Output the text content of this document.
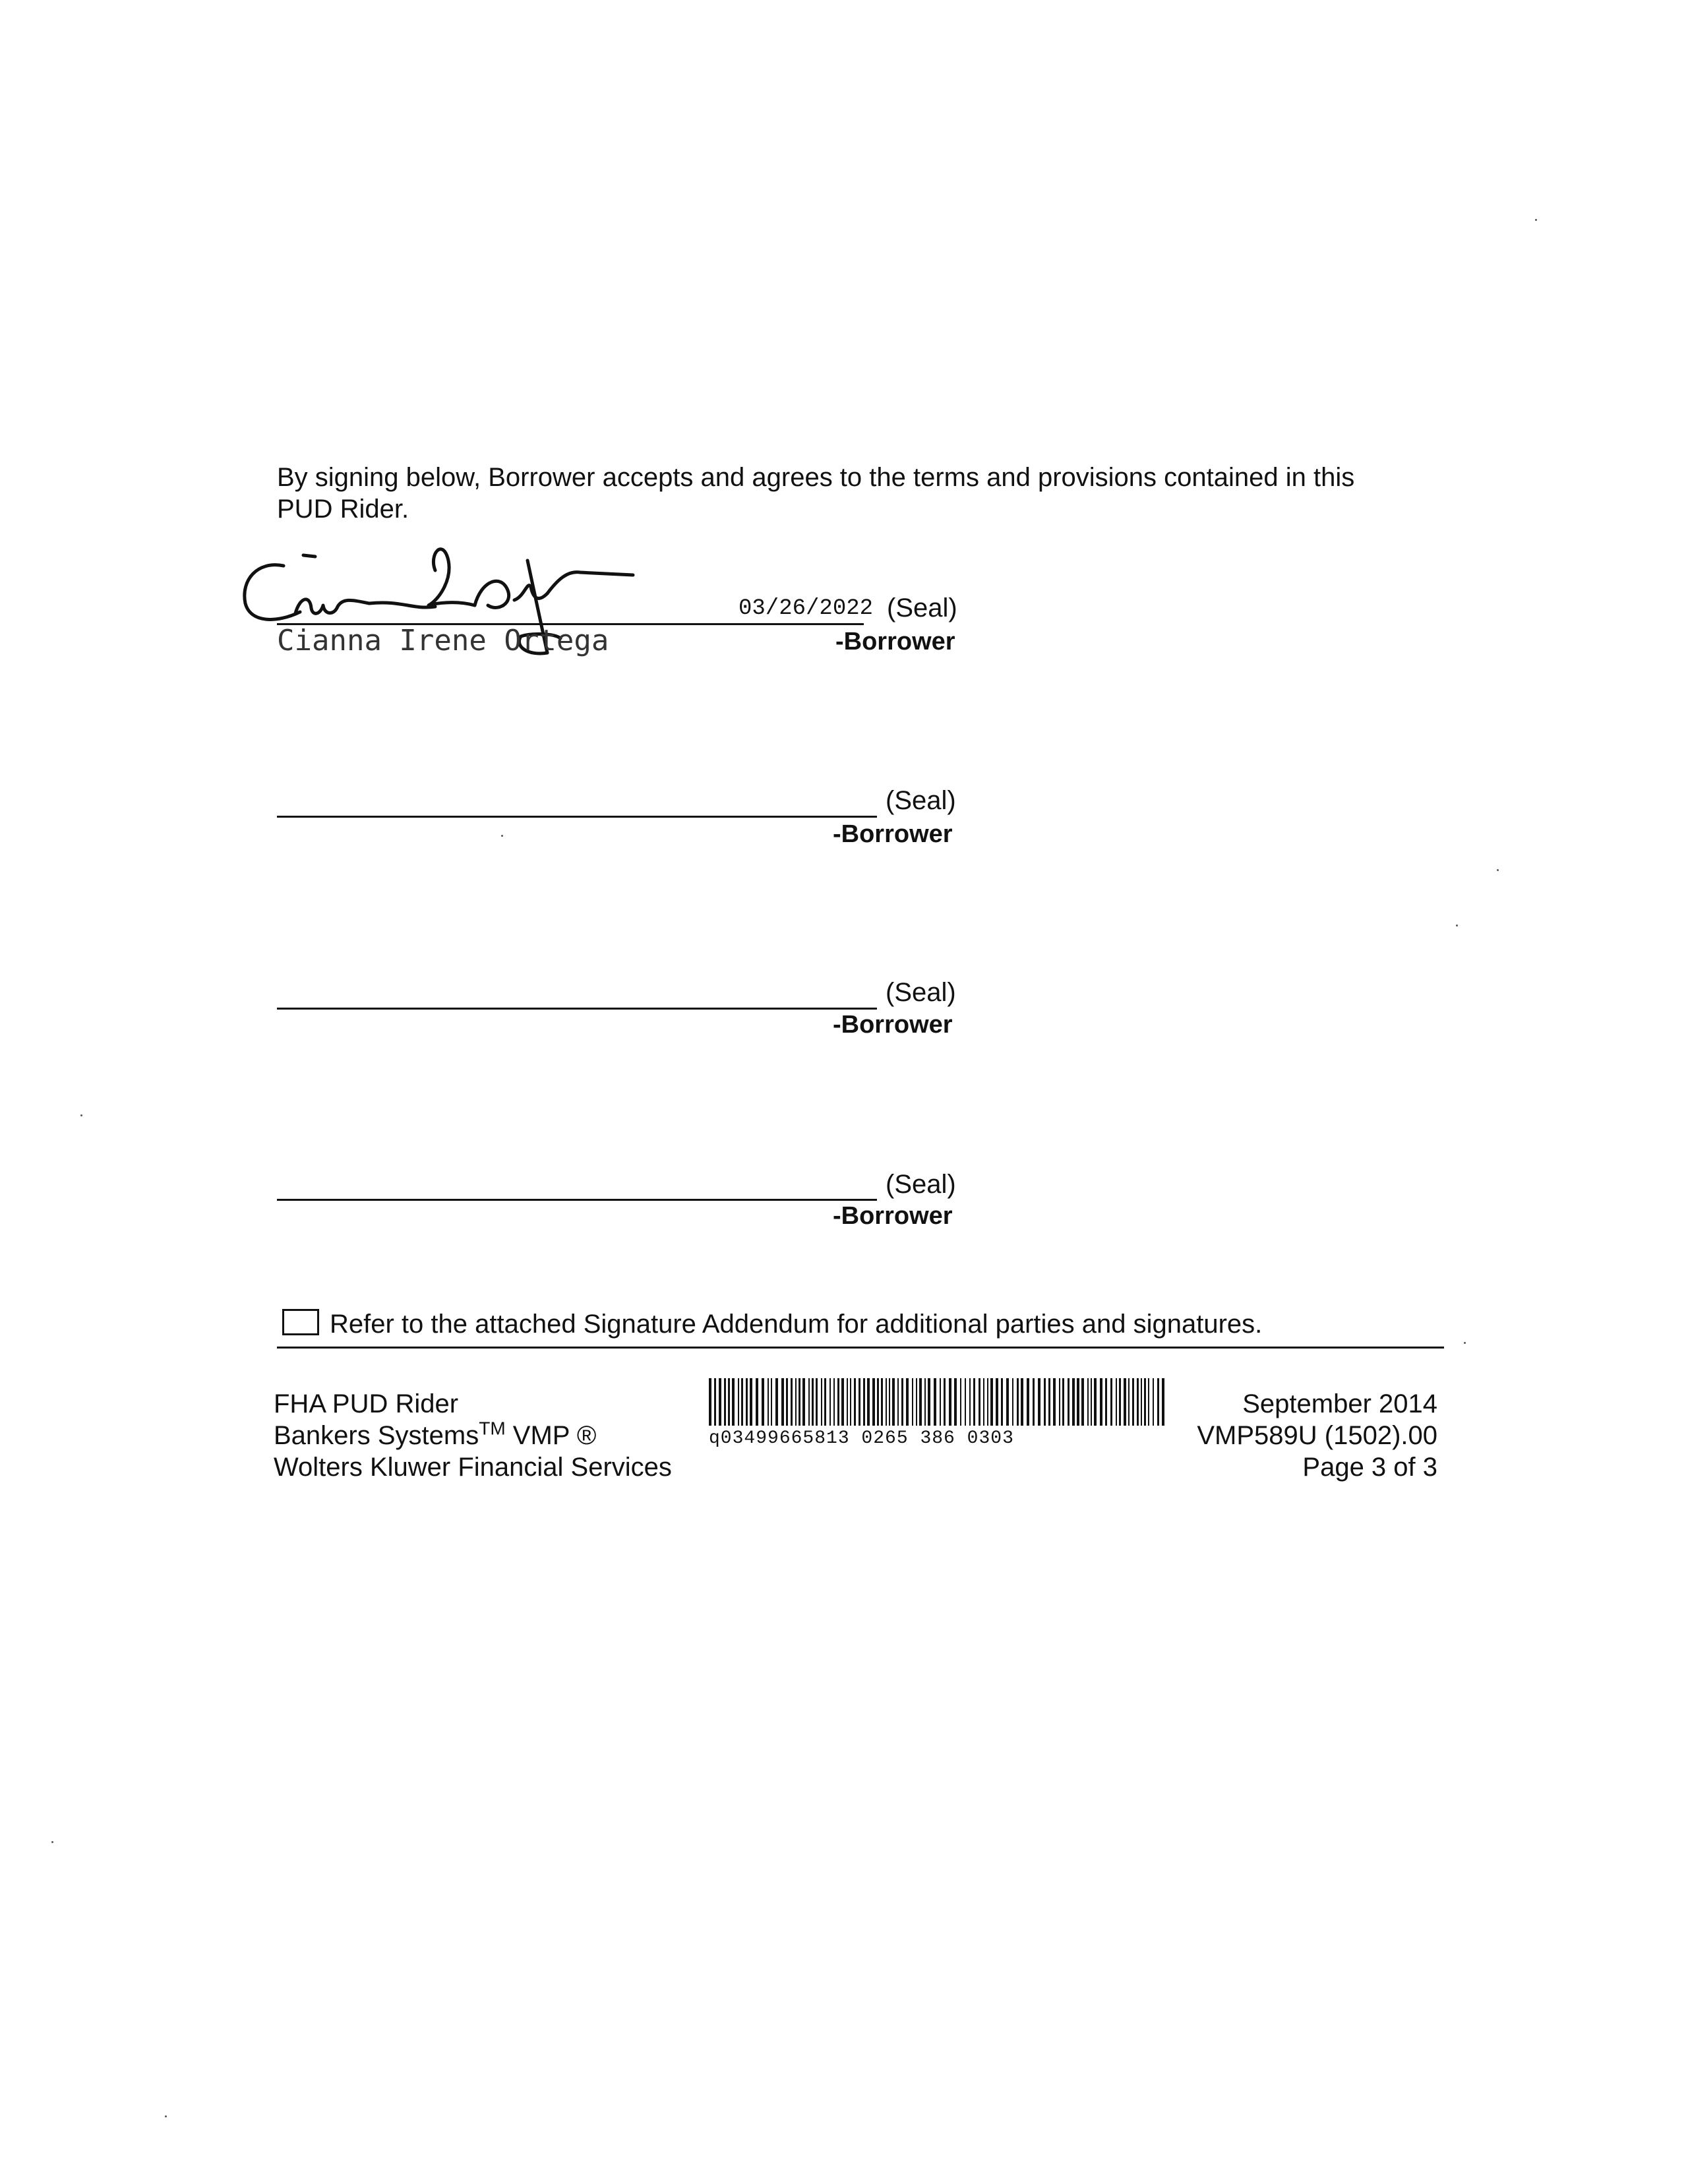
By signing below, Borrower accepts and agrees to the terms and provisions contained in this
PUD Rider.
Cianna Irene Ortega
03/26/2022 (Seal)
-Borrower
(Seal)
-Borrower
(Seal)
-Borrower
(Seal)
-Borrower
Refer to the attached Signature Addendum for additional parties and signatures.
FHA PUD Rider
Bankers Systems™ VMP ®
Wolters Kluwer Financial Services
q03499665813 0265 386 0303
September 2014
VMP589U (1502).00
Page 3 of 3
